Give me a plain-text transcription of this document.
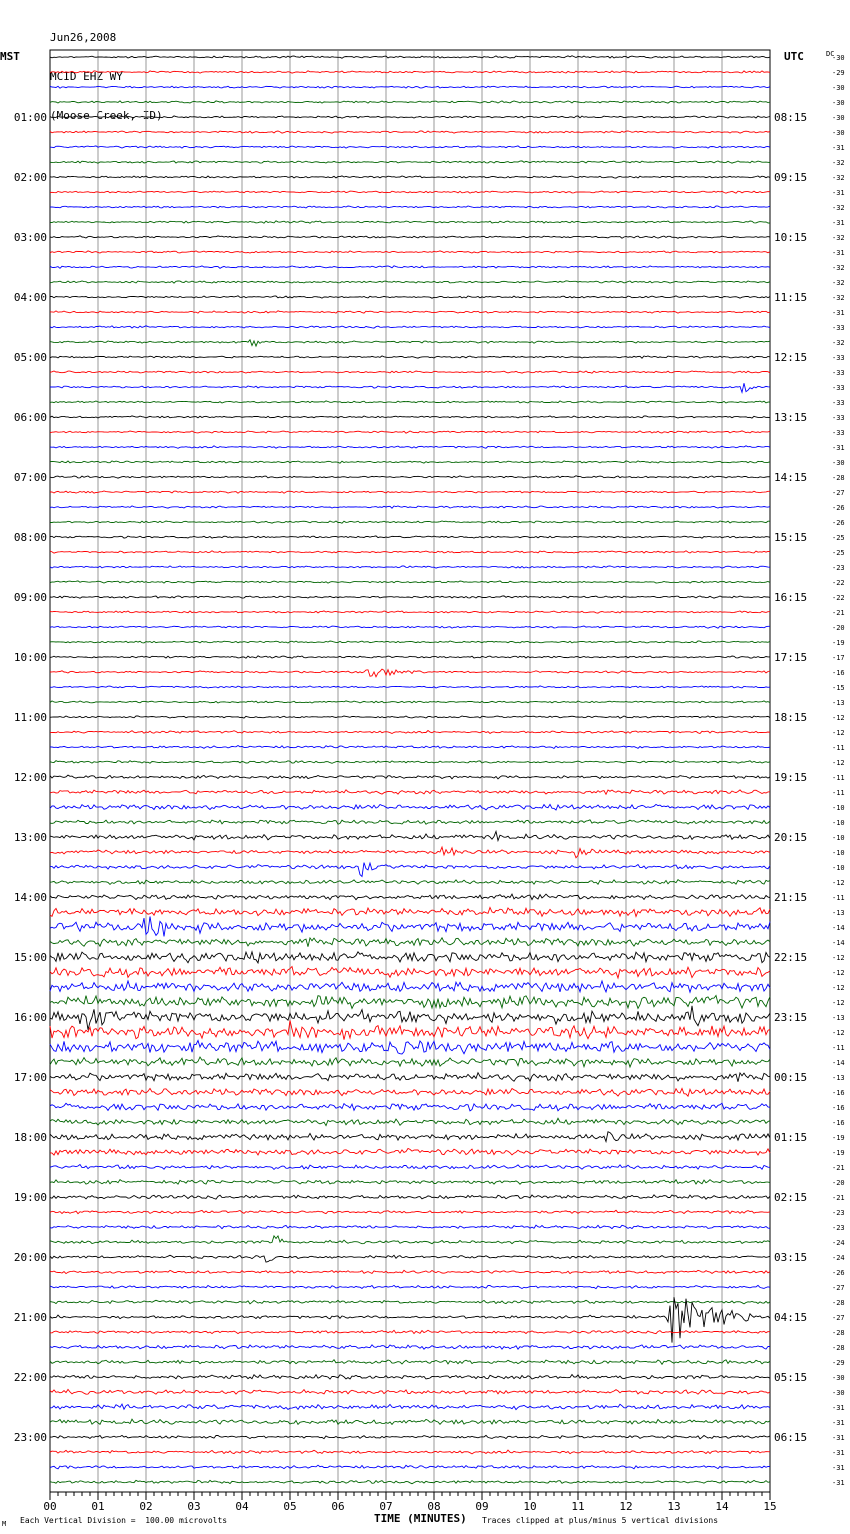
Jun26,2008

MCID EHZ WY

(Moose Creek, ID)

MST	UTC	DC
-30
-29
-30
-30
-30
-30
-31
-32
-32
-31
-32
-31
-32
-31
-32
-32
-32
-31
-33
-32
-33
-33
-33
-33
-33
-33
-31
-30
-28
-27
-26
-26
-25
-25
-23
-22
-22
-21
-20
-19
-17
-16
-15
-13
-12
-12
-11
-12
-11
-11
-10
-10
-10
-10
-10
-12
-11
-13
-14
-14
-12
-12
-12
-12
-13
-12
-11
-14
-13
-16
-16
-16
-19
-19
-21
-20
-21
-23
-23
-24
-24
-26
-27
-28
-27
-28
-28
-29
-30
-30
-31
-31
-31
-31
-31
-31
01:00
02:00
03:00
04:00
05:00
06:00
07:00
08:00
09:00
10:00
11:00
12:00
13:00
14:00
15:00
16:00
17:00
18:00
19:00
20:00
21:00
22:00
23:00
08:15
09:15
10:15
11:15
12:15
13:15
14:15
15:15
16:15
17:15
18:15
19:15
20:15
21:15
22:15
23:15
00:15
01:15
02:15
03:15
04:15
05:15
06:15
00	01	02	03	04	05	06	07	08	09	10	11	12	13	14	15
M Each Vertical Division =  100.00 microvolts	TIME (MINUTES) Traces clipped at plus/minus 5 vertical divisions
